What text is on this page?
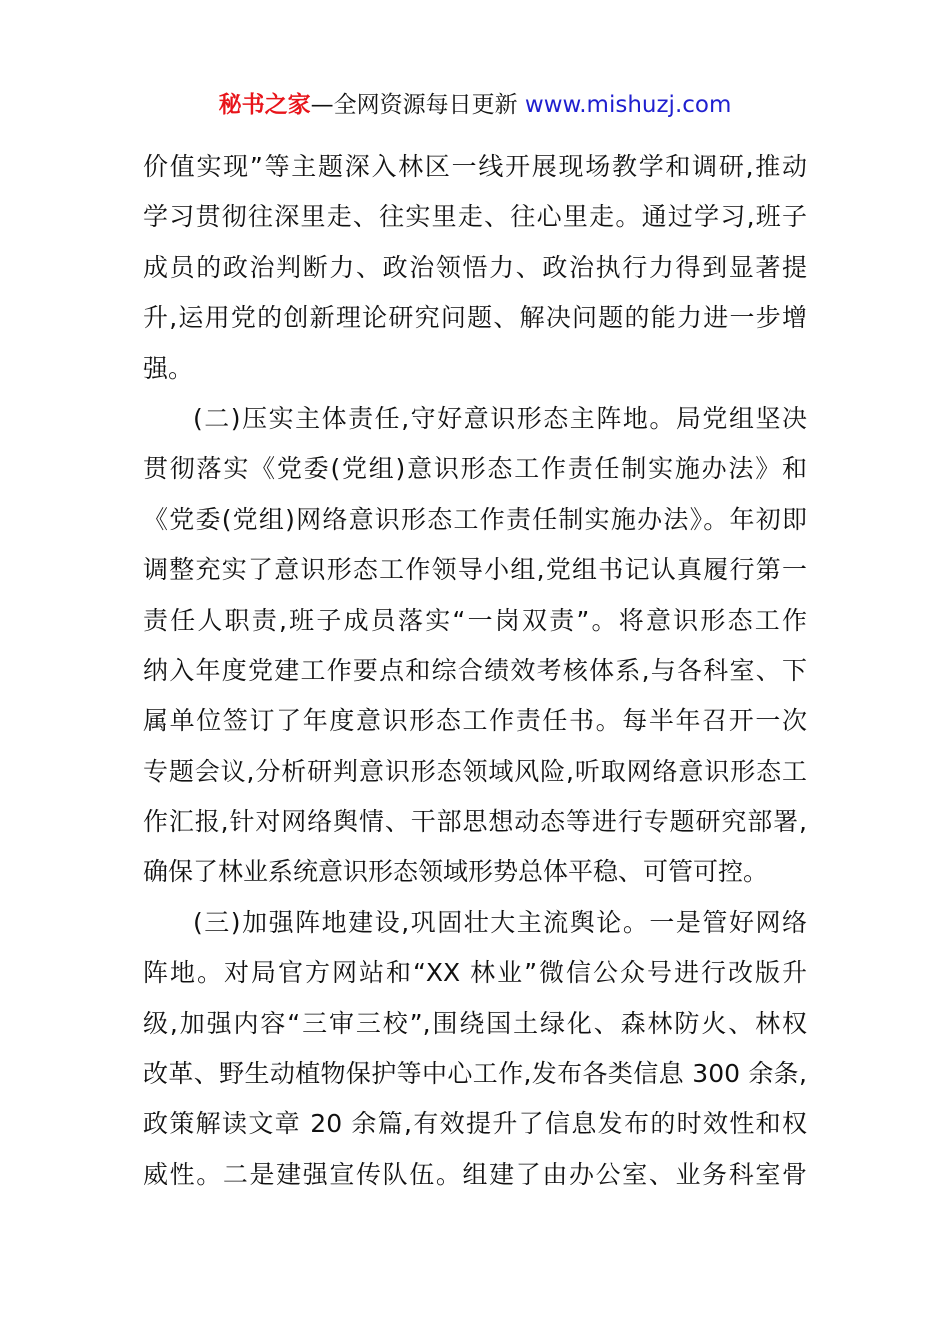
秘书之家—全网资源每日更新 www.mishuzj.com
价值实现”等主题深入林区一线开展现场教学和调研,推动
学习贯彻往深里走、往实里走、往心里走。通过学习,班子
成员的政治判断力、政治领悟力、政治执行力得到显著提
升,运用党的创新理论研究问题、解决问题的能力进一步增
强。
(二)压实主体责任,守好意识形态主阵地。局党组坚决
贯彻落实《党委(党组)意识形态工作责任制实施办法》和
《党委(党组)网络意识形态工作责任制实施办法》。年初即
调整充实了意识形态工作领导小组,党组书记认真履行第一
责任人职责,班子成员落实“一岗双责”。将意识形态工作
纳入年度党建工作要点和综合绩效考核体系,与各科室、下
属单位签订了年度意识形态工作责任书。每半年召开一次
专题会议,分析研判意识形态领域风险,听取网络意识形态工
作汇报,针对网络舆情、干部思想动态等进行专题研究部署,
确保了林业系统意识形态领域形势总体平稳、可管可控。
(三)加强阵地建设,巩固壮大主流舆论。一是管好网络
阵地。对局官方网站和“XX 林业”微信公众号进行改版升
级,加强内容“三审三校”,围绕国土绿化、森林防火、林权
改革、野生动植物保护等中心工作,发布各类信息 300 余条,
政策解读文章 20 余篇,有效提升了信息发布的时效性和权
威性。二是建强宣传队伍。组建了由办公室、业务科室骨
